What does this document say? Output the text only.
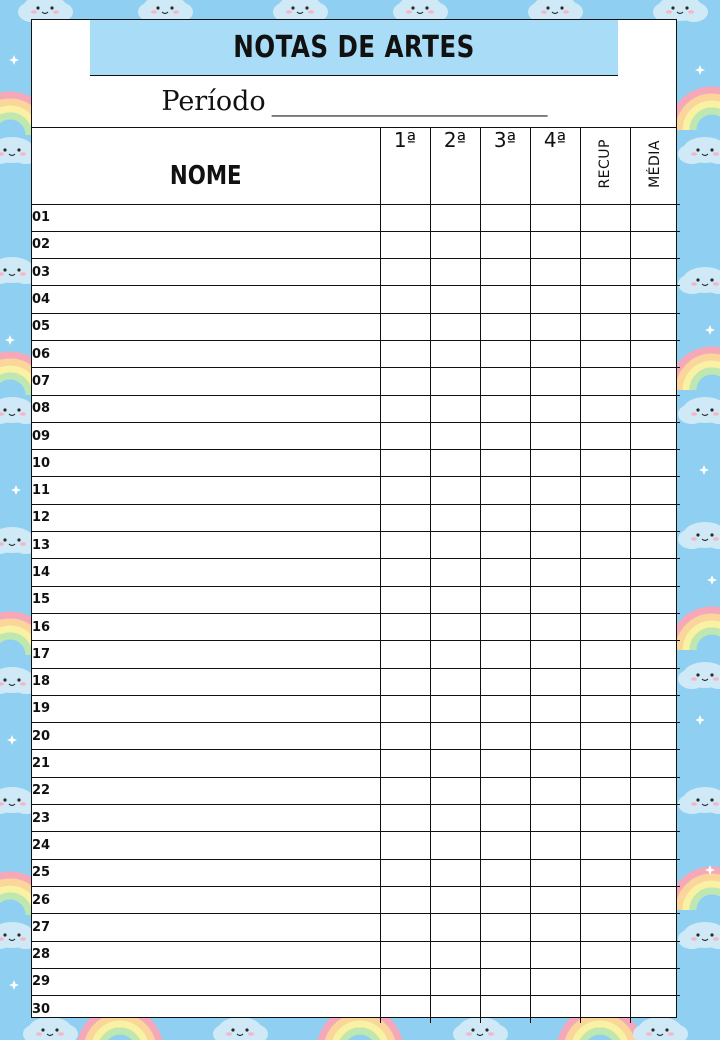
NOTAS DE ARTES
Período ______________________
NOME	1ª	2ª	3ª	4ª	RECUP	MÉDIA
01						
02						
03						
04						
05						
06						
07						
08						
09						
10						
11						
12						
13						
14						
15						
16						
17						
18						
19						
20						
21						
22						
23						
24						
25						
26						
27						
28						
29						
30						
